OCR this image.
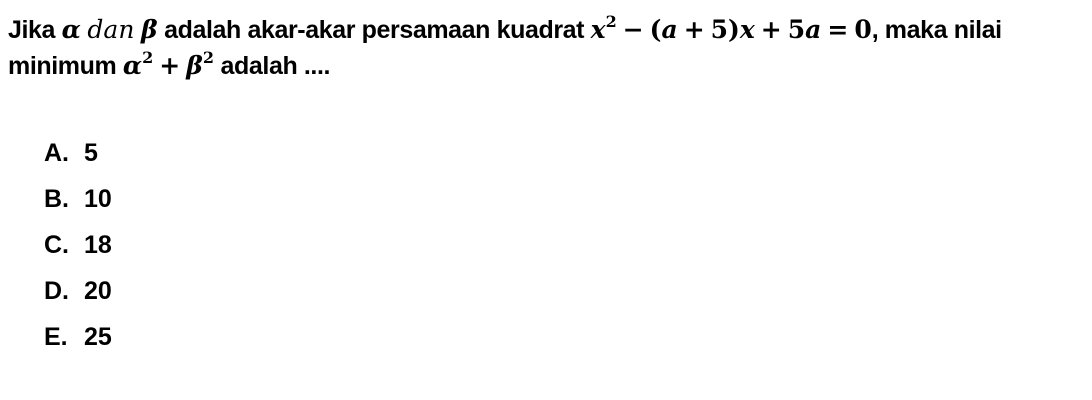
Jika α dan β adalah akar-akar persamaan kuadrat $x^2 - (a + 5)x + 5a = 0$, maka nilai
minimum $\alpha^2 + \beta^2$ adalah ....
A. 5
B. 10
C. 18
D. 20
E. 25
